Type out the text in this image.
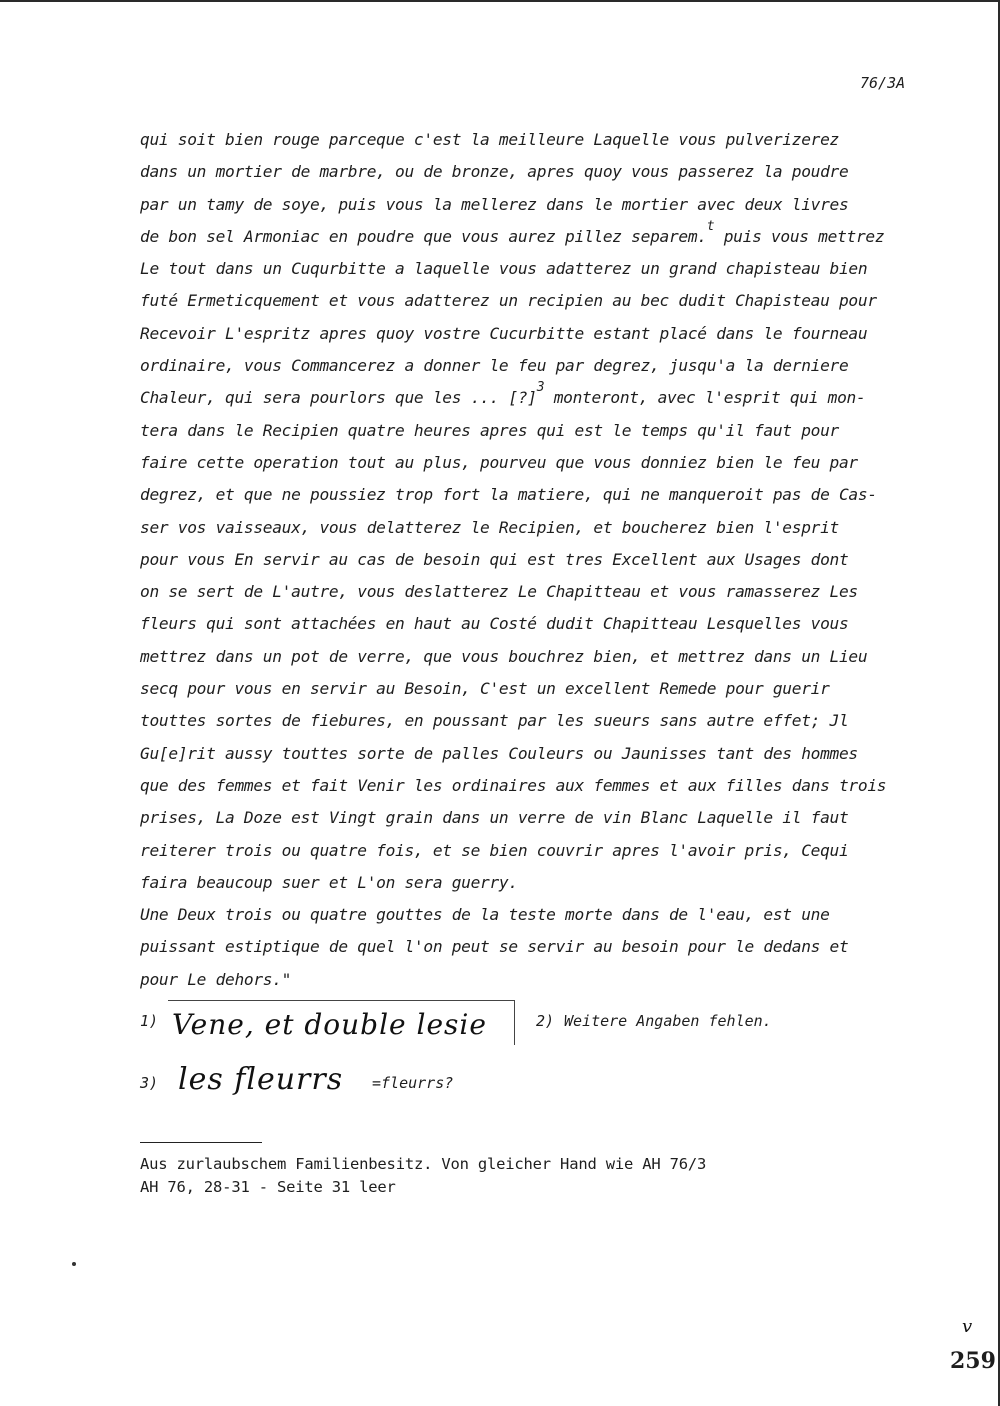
76/3A
qui soit bien rouge parceque c'est la meilleure Laquelle vous pulverizerez
dans un mortier de marbre, ou de bronze, apres quoy vous passerez la poudre
par un tamy de soye, puis vous la mellerez dans le mortier avec deux livres
de bon sel Armoniac en poudre que vous aurez pillez separem.$^t$ puis vous mettrez
Le tout dans un Cuqurbitte a laquelle vous adatterez un grand chapisteau bien
futé Ermeticquement et vous adatterez un recipien au bec dudit Chapisteau pour
Recevoir L'espritz apres quoy vostre Cucurbitte estant placé dans le fourneau
ordinaire, vous Commancerez a donner le feu par degrez, jusqu'a la derniere
Chaleur, qui sera pourlors que les ... [?]$^3$ monteront, avec l'esprit qui mon-
tera dans le Recipien quatre heures apres qui est le temps qu'il faut pour
faire cette operation tout au plus, pourveu que vous donniez bien le feu par
degrez, et que ne poussiez trop fort la matiere, qui ne manqueroit pas de Cas-
ser vos vaisseaux, vous delatterez le Recipien, et boucherez bien l'esprit
pour vous En servir au cas de besoin qui est tres Excellent aux Usages dont
on se sert de L'autre, vous deslatterez Le Chapitteau et vous ramasserez Les
fleurs qui sont attachées en haut au Costé dudit Chapitteau Lesquelles vous
mettrez dans un pot de verre, que vous bouchrez bien, et mettrez dans un Lieu
secq pour vous en servir au Besoin, C'est un excellent Remede pour guerir
touttes sortes de fiebures, en poussant par les sueurs sans autre effet; Jl
Gu[e]rit aussy touttes sorte de palles Couleurs ou Jaunisses tant des hommes
que des femmes et fait Venir les ordinaires aux femmes et aux filles dans trois
prises, La Doze est Vingt grain dans un verre de vin Blanc Laquelle il faut
reiterer trois ou quatre fois, et se bien couvrir apres l'avoir pris, Cequi
faira beaucoup suer et L'on sera guerry.
Une Deux trois ou quatre gouttes de la teste morte dans de l'eau, est une
puissant estiptique de quel l'on peut se servir au besoin pour le dedans et
pour Le dehors."
1) Vene, et double lesie	2) Weitere Angaben fehlen.
3) les fleurrs =fleurrs?
Aus zurlaubschem Familienbesitz. Von gleicher Hand wie AH 76/3
AH 76, 28-31 - Seite 31 leer
v
259
